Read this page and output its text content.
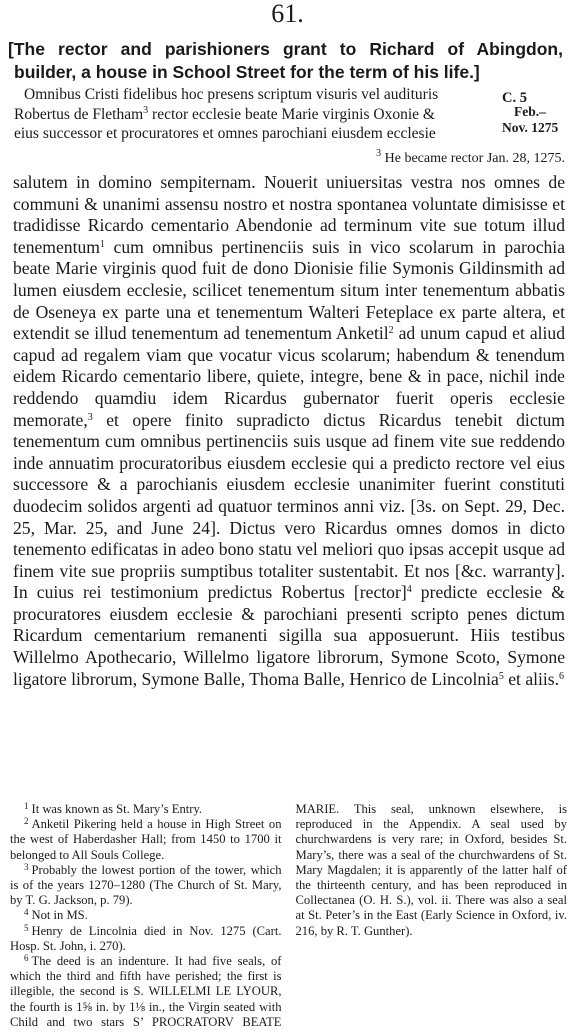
61.
[The rector and parishioners grant to Richard of Abingdon, builder, a house in School Street for the term of his life.]
Omnibus Cristi fidelibus hoc presens scriptum visuris vel audituris
Robertus de Fletham$^3$ rector ecclesie beate Marie virginis Oxonie &
eius successor et procuratores et omnes parochiani eiusdem ecclesie
C. 5
Feb.–
Nov. 1275
$^3$ He became rector Jan. 28, 1275.

salutem in domino sempiternam. Nouerit uniuersitas vestra nos omnes de communi & unanimi assensu nostro et nostra spontanea voluntate dimisisse et tradidisse Ricardo cementario Abendonie ad terminum vite sue totum illud tenementum$^1$ cum omnibus pertinenciis suis in vico scolarum in parochia beate Marie virginis quod fuit de dono Dionisie filie Symonis Gildinsmith ad lumen eiusdem ecclesie, scilicet tenementum situm inter tenementum abbatis de Oseneya ex parte una et tenementum Walteri Feteplace ex parte altera, et extendit se illud tenementum ad tenementum Anketil$^2$ ad unum capud et aliud capud ad regalem viam que vocatur vicus scolarum; habendum & tenendum eidem Ricardo cementario libere, quiete, integre, bene & in pace, nichil inde reddendo quamdiu idem Ricardus gubernator fuerit operis ecclesie memorate,$^3$ et opere finito supradicto dictus Ricardus tenebit dictum tenementum cum omnibus pertinenciis suis usque ad finem vite sue reddendo inde annuatim procuratoribus eiusdem ecclesie qui a predicto rectore vel eius successore & a parochianis eiusdem ecclesie unanimiter fuerint constituti duodecim solidos argenti ad quatuor terminos anni viz. [3s. on Sept. 29, Dec. 25, Mar. 25, and June 24]. Dictus vero Ricardus omnes domos in dicto tenemento edificatas in adeo bono statu vel meliori quo ipsas accepit usque ad finem vite sue propriis sumptibus totaliter sustentabit. Et nos [&c. warranty]. In cuius rei testimonium predictus Robertus [rector]$^4$ predicte ecclesie & procuratores eiusdem ecclesie & parochiani presenti scripto penes dictum Ricardum cementarium remanenti sigilla sua apposuerunt. Hiis testibus Willelmo Apothecario, Willelmo ligatore librorum, Symone Scoto, Symone ligatore librorum, Symone Balle, Thoma Balle, Henrico de Lincolnia$^5$ et aliis.$^6$

$^1$ It was known as St. Mary’s Entry.

$^2$ Anketil Pikering held a house in High Street on the west of Haberdasher Hall; from 1450 to 1700 it belonged to All Souls College.

$^3$ Probably the lowest portion of the tower, which is of the years 1270–1280 (The Church of St. Mary, by T. G. Jackson, p. 79).

$^4$ Not in MS.

$^5$ Henry de Lincolnia died in Nov. 1275 (Cart. Hosp. St. John, i. 270).

$^6$ The deed is an indenture. It had five seals, of which the third and fifth have perished; the first is illegible, the second is S. WILLELMI LE LYOUR, the fourth is 1⅝ in. by 1⅛ in., the Virgin seated with Child and two stars S’ PROCRATORV BEATE MARIE. This seal, unknown elsewhere, is reproduced in the Appendix. A seal used by churchwardens is very rare; in Oxford, besides St. Mary’s, there was a seal of the churchwardens of St. Mary Magdalen; it is apparently of the latter half of the thirteenth century, and has been reproduced in Collectanea (O. H. S.), vol. ii. There was also a seal at St. Peter’s in the East (Early Science in Oxford, iv. 216, by R. T. Gunther).
